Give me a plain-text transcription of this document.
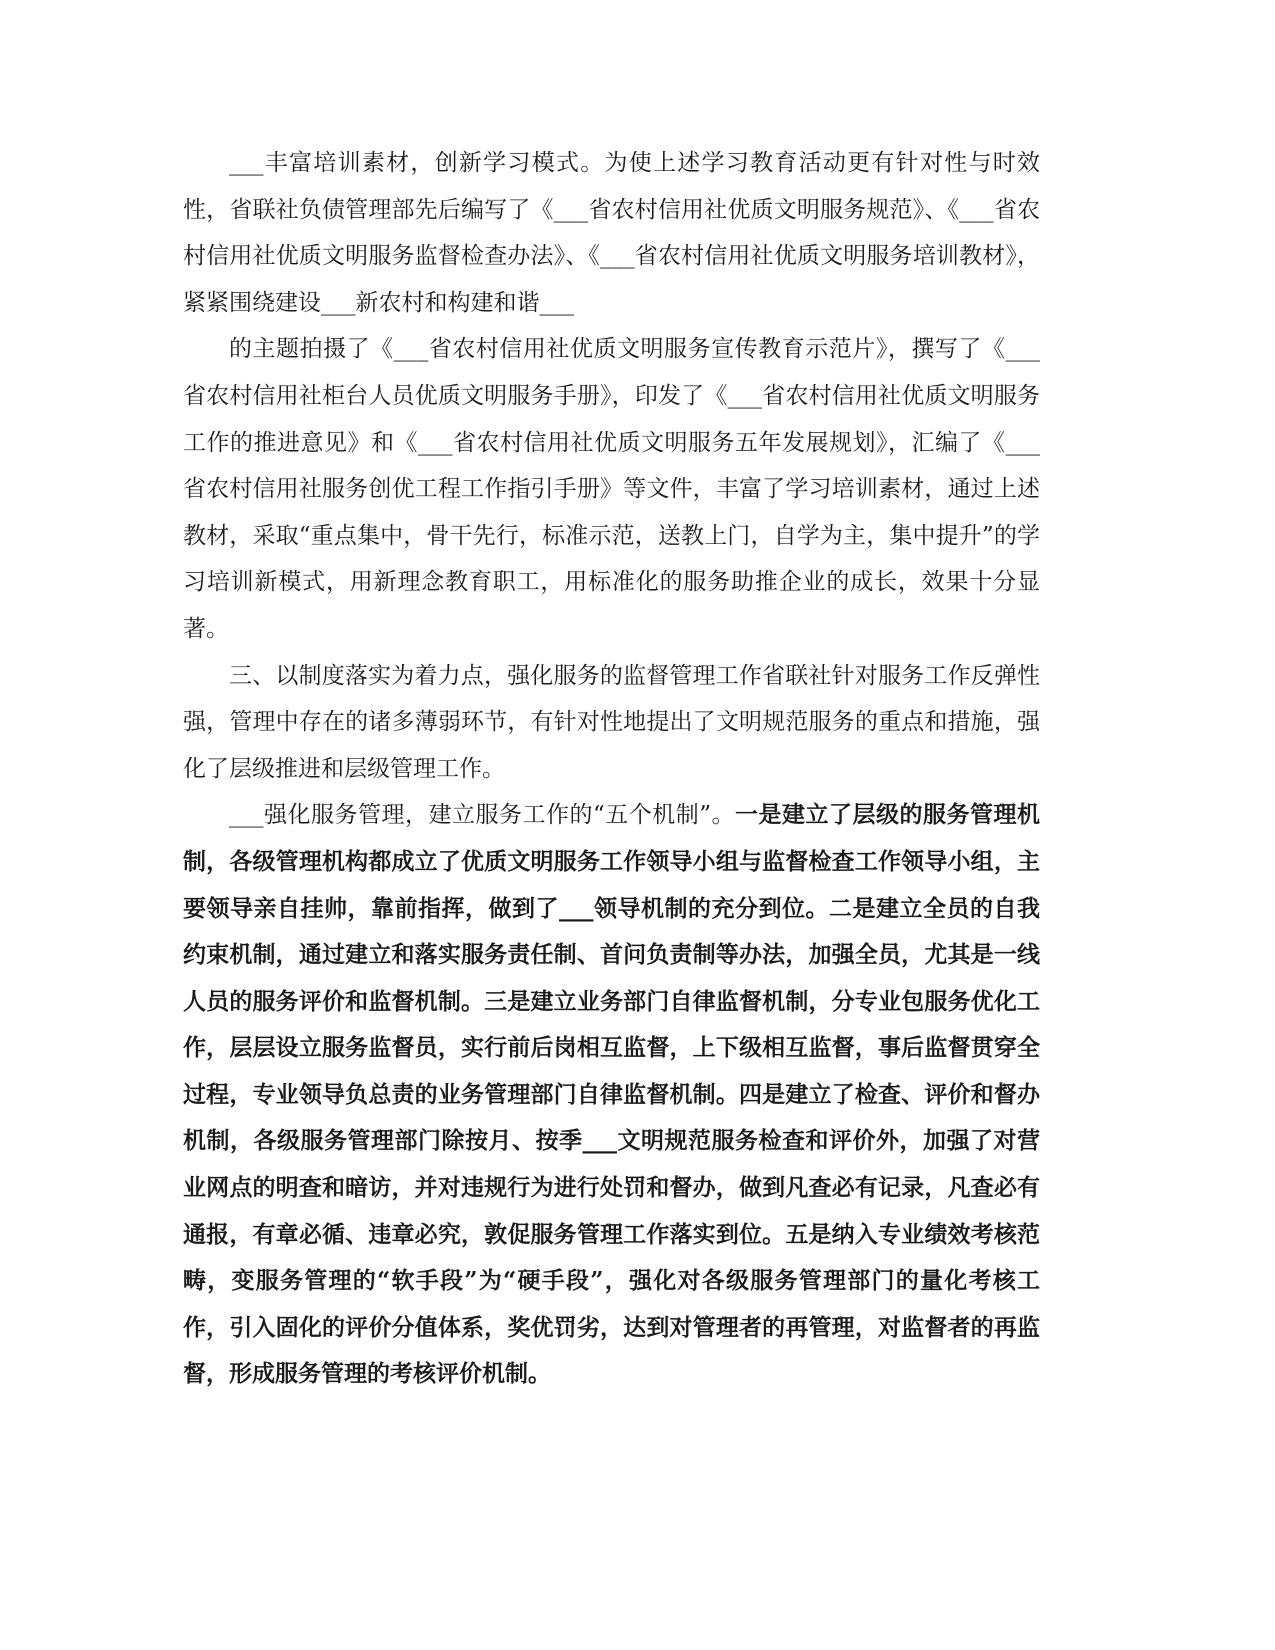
___丰富培训素材，创新学习模式。为使上述学习教育活动更有针对性与时效性，省联社负债管理部先后编写了《___省农村信用社优质文明服务规范》、《___省农村信用社优质文明服务监督检查办法》、《___省农村信用社优质文明服务培训教材》，紧紧围绕建设___新农村和构建和谐___

的主题拍摄了《___省农村信用社优质文明服务宣传教育示范片》，撰写了《___省农村信用社柜台人员优质文明服务手册》，印发了《___省农村信用社优质文明服务工作的推进意见》和《___省农村信用社优质文明服务五年发展规划》，汇编了《___省农村信用社服务创优工程工作指引手册》等文件，丰富了学习培训素材，通过上述教材，采取“重点集中，骨干先行，标准示范，送教上门，自学为主，集中提升”的学习培训新模式，用新理念教育职工，用标准化的服务助推企业的成长，效果十分显著。

三、以制度落实为着力点，强化服务的监督管理工作省联社针对服务工作反弹性强，管理中存在的诸多薄弱环节，有针对性地提出了文明规范服务的重点和措施，强化了层级推进和层级管理工作。

___强化服务管理，建立服务工作的“五个机制”。一是建立了层级的服务管理机制，各级管理机构都成立了优质文明服务工作领导小组与监督检查工作领导小组，主要领导亲自挂帅，靠前指挥，做到了___领导机制的充分到位。二是建立全员的自我约束机制，通过建立和落实服务责任制、首问负责制等办法，加强全员，尤其是一线人员的服务评价和监督机制。三是建立业务部门自律监督机制，分专业包服务优化工作，层层设立服务监督员，实行前后岗相互监督，上下级相互监督，事后监督贯穿全过程，专业领导负总责的业务管理部门自律监督机制。四是建立了检查、评价和督办机制，各级服务管理部门除按月、按季___文明规范服务检查和评价外，加强了对营业网点的明查和暗访，并对违规行为进行处罚和督办，做到凡查必有记录，凡查必有通报，有章必循、违章必究，敦促服务管理工作落实到位。五是纳入专业绩效考核范畴，变服务管理的“软手段”为“硬手段”，强化对各级服务管理部门的量化考核工作，引入固化的评价分值体系，奖优罚劣，达到对管理者的再管理，对监督者的再监督，形成服务管理的考核评价机制。
